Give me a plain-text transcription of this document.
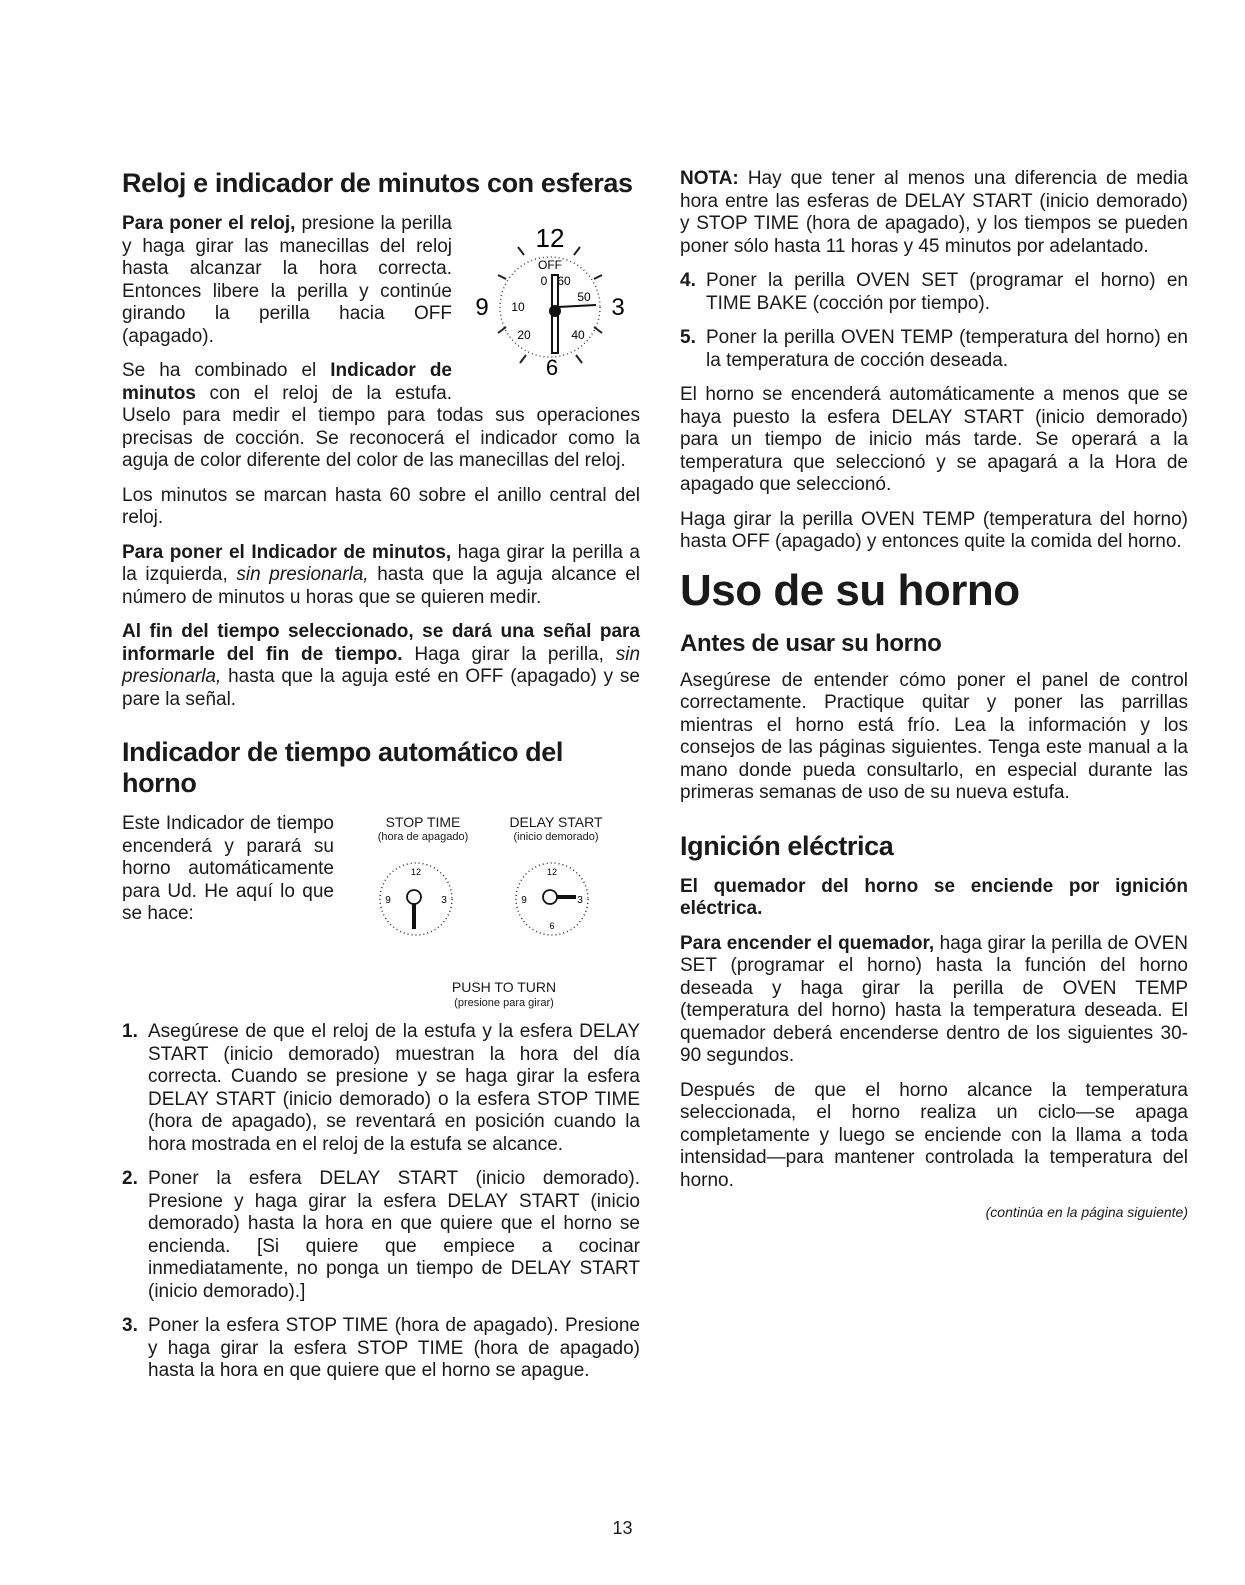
Reloj e indicador de minutos con esferas
12
3
9
6
OFF
0 60
10
50
20	40

Para poner el reloj, presione la perilla y haga girar las manecillas del reloj hasta alcanzar la hora correcta. Entonces libere la perilla y continúe girando la perilla hacia OFF (apagado).

Se ha combinado el Indicador de minutos con el reloj de la estufa. Uselo para medir el tiempo para todas sus operaciones precisas de cocción. Se reconocerá el indicador como la aguja de color diferente del color de las manecillas del reloj.

Los minutos se marcan hasta 60 sobre el anillo central del reloj.

Para poner el Indicador de minutos, haga girar la perilla a la izquierda, sin presionarla, hasta que la aguja alcance el número de minutos u horas que se quieren medir.

Al fin del tiempo seleccionado, se dará una señal para informarle del fin de tiempo. Haga girar la perilla, sin presionarla, hasta que la aguja esté en OFF (apagado) y se pare la señal.

Indicador de tiempo automático del horno
Este Indicador de tiempo encenderá y parará su horno automáticamente para Ud. He aquí lo que se hace:
STOP TIME
(hora de apagado)
DELAY START
(inicio demorado)
12
9	3
12
9	3
6
PUSH TO TURN
(presione para girar)
1. Asegúrese de que el reloj de la estufa y la esfera DELAY START (inicio demorado) muestran la hora del día correcta. Cuando se presione y se haga girar la esfera DELAY START (inicio demorado) o la esfera STOP TIME (hora de apagado), se reventará en posición cuando la hora mostrada en el reloj de la estufa se alcance.
2. Poner la esfera DELAY START (inicio demorado). Presione y haga girar la esfera DELAY START (inicio demorado) hasta la hora en que quiere que el horno se encienda. [Si quiere que empiece a cocinar inmediatamente, no ponga un tiempo de DELAY START (inicio demorado).]
3. Poner la esfera STOP TIME (hora de apagado). Presione y haga girar la esfera STOP TIME (hora de apagado) hasta la hora en que quiere que el horno se apague.

NOTA: Hay que tener al menos una diferencia de media hora entre las esferas de DELAY START (inicio demorado) y STOP TIME (hora de apagado), y los tiempos se pueden poner sólo hasta 11 horas y 45 minutos por adelantado.

4. Poner la perilla OVEN SET (programar el horno) en TIME BAKE (cocción por tiempo).
5. Poner la perilla OVEN TEMP (temperatura del horno) en la temperatura de cocción deseada.

El horno se encenderá automáticamente a menos que se haya puesto la esfera DELAY START (inicio demorado) para un tiempo de inicio más tarde. Se operará a la temperatura que seleccionó y se apagará a la Hora de apagado que seleccionó.

Haga girar la perilla OVEN TEMP (temperatura del horno) hasta OFF (apagado) y entonces quite la comida del horno.

Uso de su horno
Antes de usar su horno

Asegúrese de entender cómo poner el panel de control correctamente. Practique quitar y poner las parrillas mientras el horno está frío. Lea la información y los consejos de las páginas siguientes. Tenga este manual a la mano donde pueda consultarlo, en especial durante las primeras semanas de uso de su nueva estufa.

Ignición eléctrica

El quemador del horno se enciende por ignición eléctrica.

Para encender el quemador, haga girar la perilla de OVEN SET (programar el horno) hasta la función del horno deseada y haga girar la perilla de OVEN TEMP (temperatura del horno) hasta la temperatura deseada. El quemador deberá encenderse dentro de los siguientes 30-90 segundos.

Después de que el horno alcance la temperatura seleccionada, el horno realiza un ciclo—se apaga completamente y luego se enciende con la llama a toda intensidad—para mantener controlada la temperatura del horno.

(continúa en la página siguiente)
13
